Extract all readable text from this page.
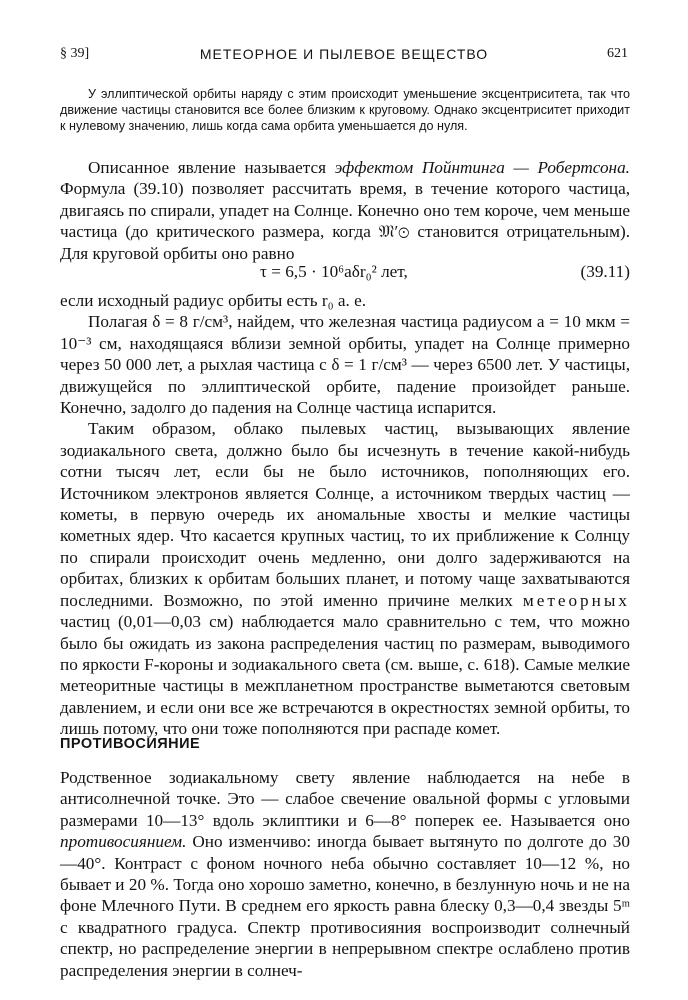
§ 39]	МЕТЕОРНОЕ И ПЫЛЕВОЕ ВЕЩЕСТВО	621
У эллиптической орбиты наряду с этим происходит уменьшение эксцентриситета, так что движение частицы становится все более близким к круговому. Однако эксцентриситет приходит к нулевому значению, лишь когда сама орбита уменьшается до нуля.

Описанное явление называется эффектом Пойнтинга — Робертсона. Формула (39.10) позволяет рассчитать время, в течение которого частица, двигаясь по спирали, упадет на Солнце. Конечно оно тем короче, чем меньше частица (до критического размера, когда 𝔐′⊙ становится отрицательным). Для круговой орбиты оно равно

τ = 6,5 · 10⁶aδr₀² лет,	(39.11)

если исходный радиус орбиты есть r₀ а. е.

Полагая δ = 8 г/см³, найдем, что железная частица радиусом a = 10 мкм = 10⁻³ см, находящаяся вблизи земной орбиты, упадет на Солнце примерно через 50 000 лет, а рыхлая частица с δ = 1 г/см³ — через 6500 лет. У частицы, движущейся по эллиптической орбите, падение произойдет раньше. Конечно, задолго до падения на Солнце частица испарится.

Таким образом, облако пылевых частиц, вызывающих явление зодиакального света, должно было бы исчезнуть в течение какой-нибудь сотни тысяч лет, если бы не было источников, пополняющих его. Источником электронов является Солнце, а источником твердых частиц — кометы, в первую очередь их аномальные хвосты и мелкие частицы кометных ядер. Что касается крупных частиц, то их приближение к Солнцу по спирали происходит очень медленно, они долго задерживаются на орбитах, близких к орбитам больших планет, и потому чаще захватываются последними. Возможно, по этой именно причине мелких метеорных частиц (0,01—0,03 см) наблюдается мало сравнительно с тем, что можно было бы ожидать из закона распределения частиц по размерам, выводимого по яркости F-короны и зодиакального света (см. выше, с. 618). Самые мелкие метеоритные частицы в межпланетном пространстве выметаются световым давлением, и если они все же встречаются в окрестностях земной орбиты, то лишь потому, что они тоже пополняются при распаде комет.

ПРОТИВОСИЯНИЕ

Родственное зодиакальному свету явление наблюдается на небе в антисолнечной точке. Это — слабое свечение овальной формы с угловыми размерами 10—13° вдоль эклиптики и 6—8° поперек ее. Называется оно противосиянием. Оно изменчиво: иногда бывает вытянуто по долготе до 30—40°. Контраст с фоном ночного неба обычно составляет 10—12 %, но бывает и 20 %. Тогда оно хорошо заметно, конечно, в безлунную ночь и не на фоне Млечного Пути. В среднем его яркость равна блеску 0,3—0,4 звезды 5ᵐ с квадратного градуса. Спектр противосияния воспроизводит солнечный спектр, но распределение энергии в непрерывном спектре ослаблено против распределения энергии в солнеч-
